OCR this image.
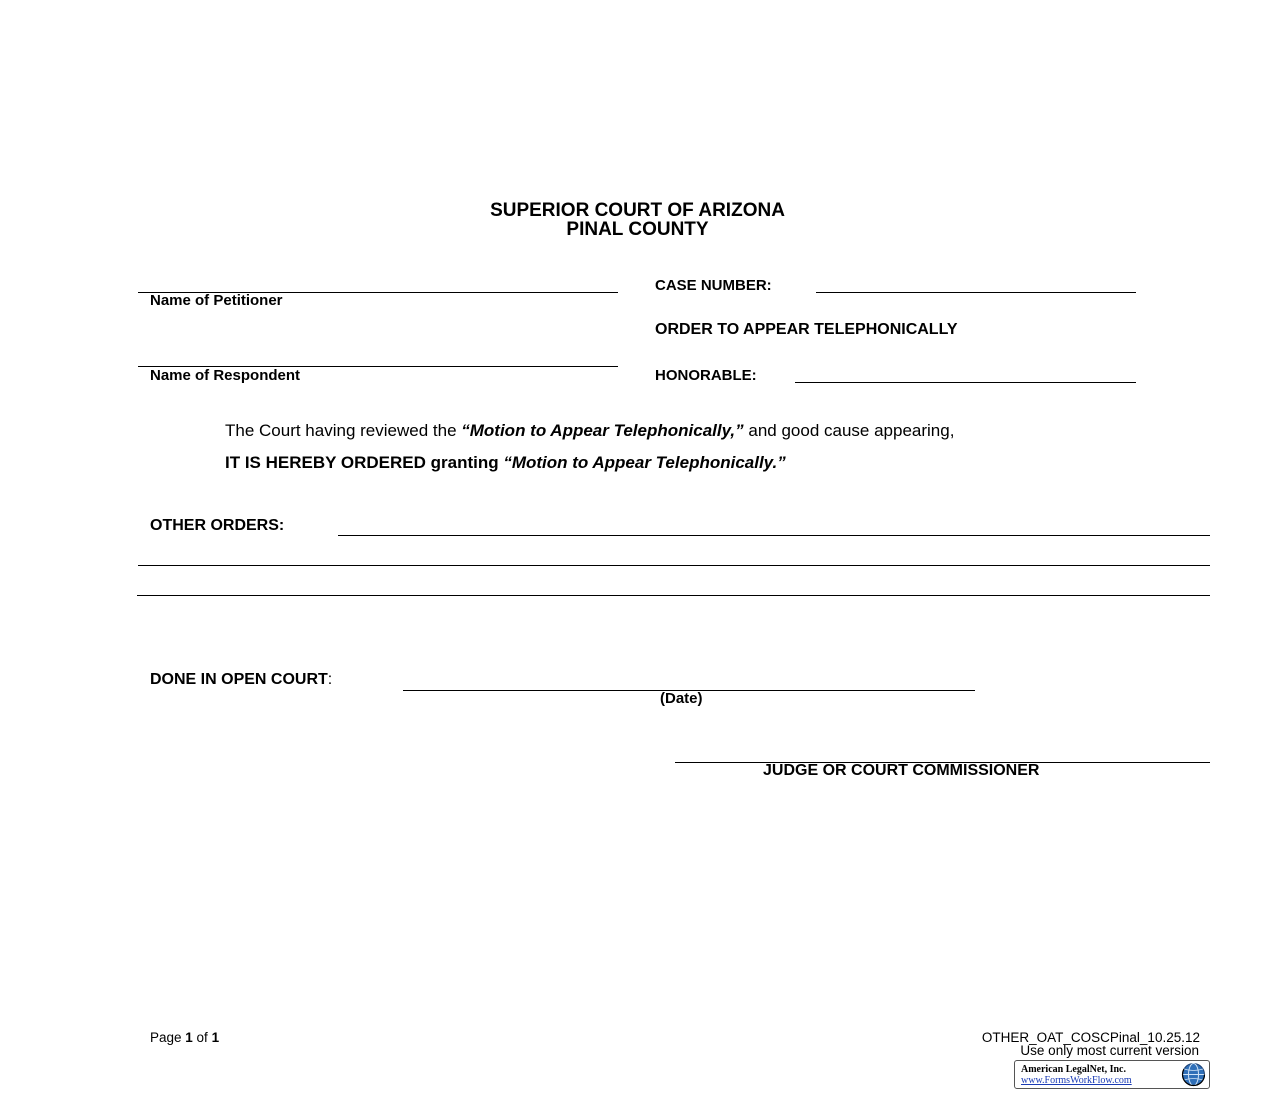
SUPERIOR COURT OF ARIZONA
PINAL COUNTY
Name of Petitioner
Name of Respondent
CASE NUMBER:
ORDER TO APPEAR TELEPHONICALLY
HONORABLE:
The Court having reviewed the “Motion to Appear Telephonically,” and good cause appearing,
IT IS HEREBY ORDERED granting “Motion to Appear Telephonically.”
OTHER ORDERS:
DONE IN OPEN COURT:
(Date)
JUDGE OR COURT COMMISSIONER
Page 1 of 1	OTHER_OAT_COSCPinal_10.25.12
Use only most current version
American LegalNet, Inc.
www.FormsWorkFlow.com
